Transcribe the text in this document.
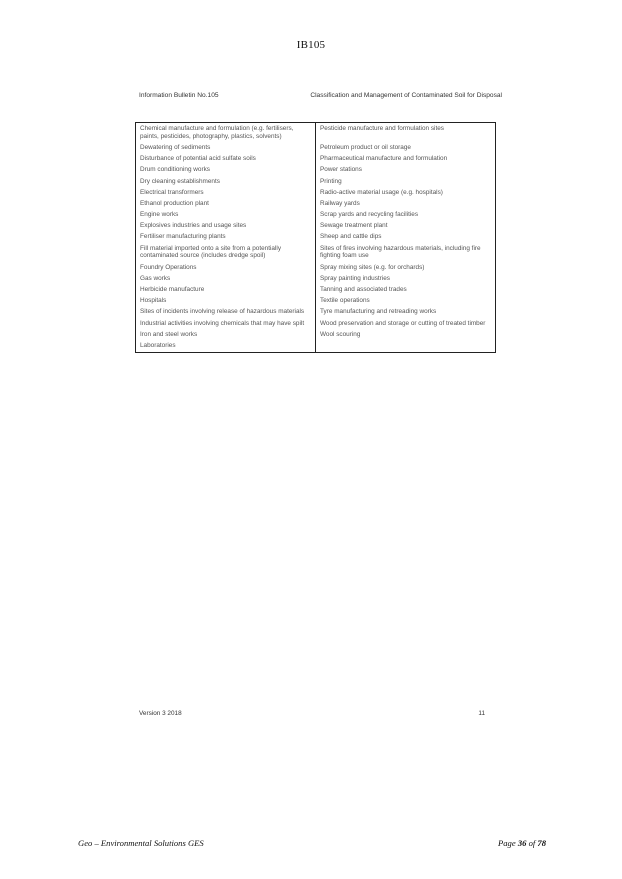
IB105
Information Bulletin No.105	Classification and Management of Contaminated Soil for Disposal
Chemical manufacture and formulation (e.g. fertilisers, paints, pesticides, photography, plastics, solvents)	Pesticide manufacture and formulation sites
Dewatering of sediments	Petroleum product or oil storage
Disturbance of potential acid sulfate soils	Pharmaceutical manufacture and formulation
Drum conditioning works	Power stations
Dry cleaning establishments	Printing
Electrical transformers	Radio-active material usage (e.g. hospitals)
Ethanol production plant	Railway yards
Engine works	Scrap yards and recycling facilities
Explosives industries and usage sites	Sewage treatment plant
Fertiliser manufacturing plants	Sheep and cattle dips
Fill material imported onto a site from a potentially contaminated source (includes dredge spoil)	Sites of fires involving hazardous materials, including fire fighting foam use
Foundry Operations	Spray mixing sites (e.g. for orchards)
Gas works	Spray painting industries
Herbicide manufacture	Tanning and associated trades
Hospitals	Textile operations
Sites of incidents involving release of hazardous materials	Tyre manufacturing and retreading works
Industrial activities involving chemicals that may have spilt	Wood preservation and storage or cutting of treated timber
Iron and steel works	Wool scouring
Laboratories	
Version 3 2018	11
Geo – Environmental Solutions GES	Page 36 of 78
